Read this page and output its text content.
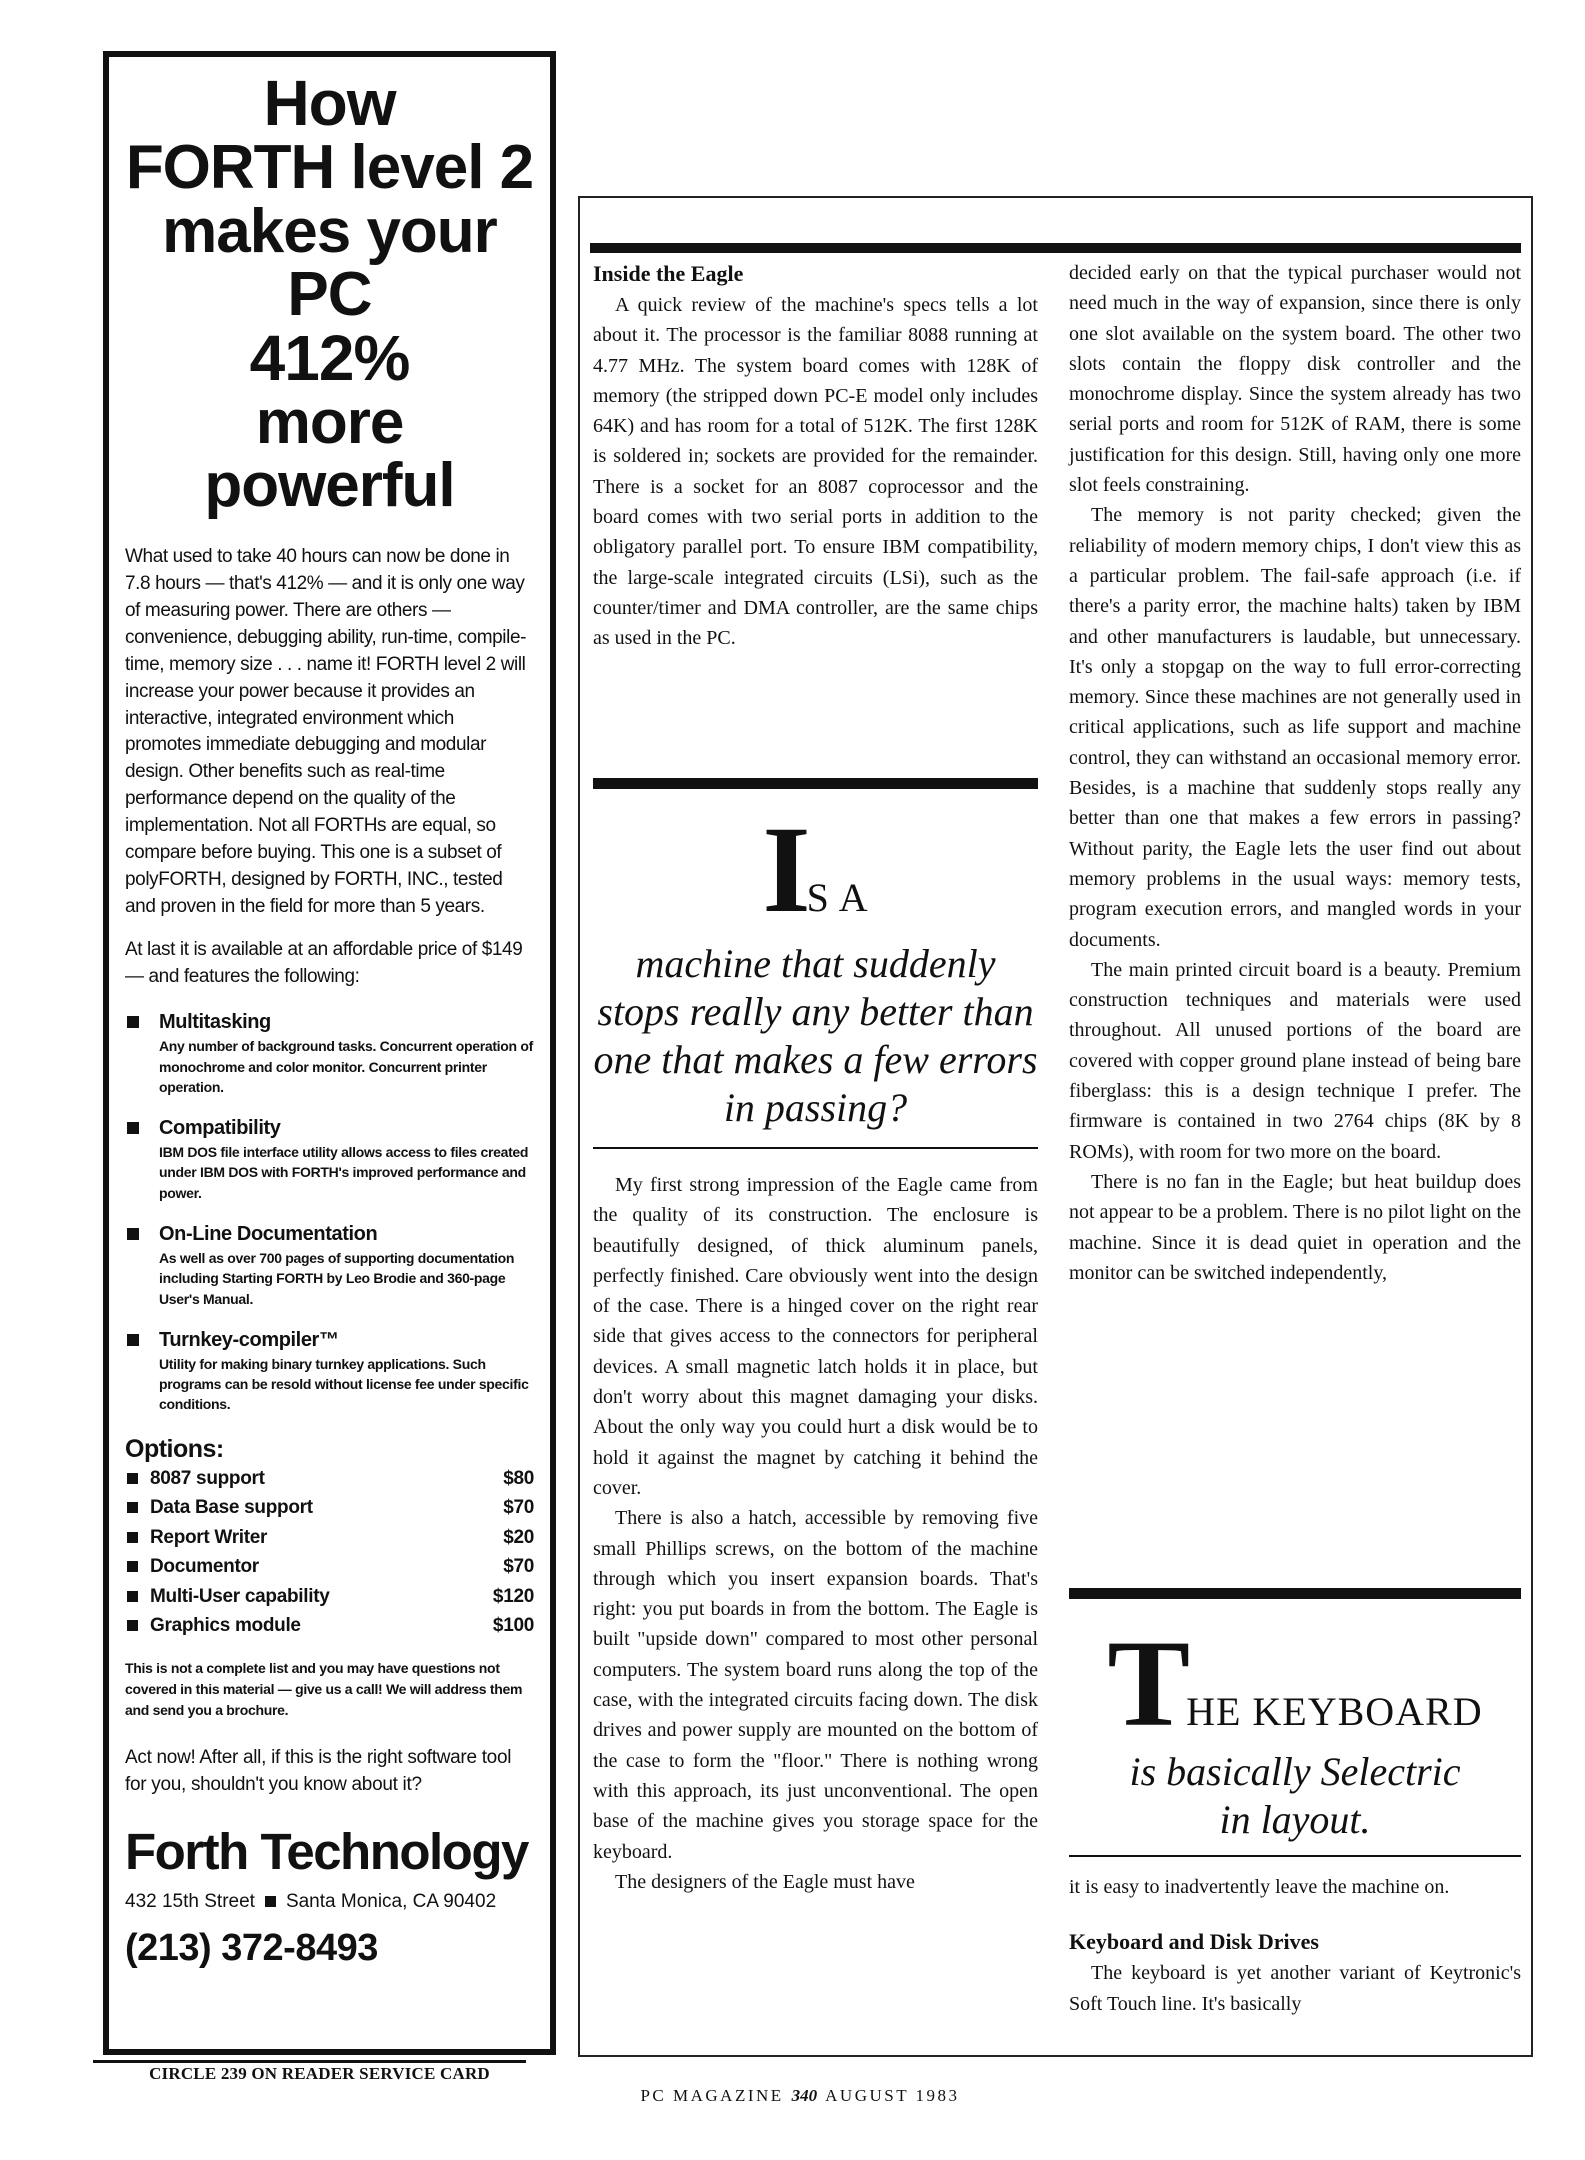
How
FORTH level 2
makes your PC
412%
more powerful

What used to take 40 hours can now be done in 7.8 hours — that's 412% — and it is only one way of measuring power. There are others — convenience, debugging ability, run-time, compile-time, memory size . . . name it! FORTH level 2 will increase your power because it provides an interactive, integrated environment which promotes immediate debugging and modular design. Other benefits such as real-time performance depend on the quality of the implementation. Not all FORTHs are equal, so compare before buying. This one is a subset of polyFORTH, designed by FORTH, INC., tested and proven in the field for more than 5 years.

At last it is available at an affordable price of $149 — and features the following:

Multitasking
Any number of background tasks. Concurrent operation of monochrome and color monitor. Concurrent printer operation.
Compatibility
IBM DOS file interface utility allows access to files created under IBM DOS with FORTH's improved performance and power.
On-Line Documentation
As well as over 700 pages of supporting documentation including Starting FORTH by Leo Brodie and 360-page User's Manual.
Turnkey-compiler™
Utility for making binary turnkey applications. Such programs can be resold without license fee under specific conditions.
Options:
8087 support	$80
Data Base support	$70
Report Writer	$20
Documentor	$70
Multi-User capability	$120
Graphics module	$100
This is not a complete list and you may have questions not covered in this material — give us a call! We will address them and send you a brochure.
Act now! After all, if this is the right software tool for you, shouldn't you know about it?
Forth Technology
432 15th Street Santa Monica, CA 90402
(213) 372-8493
CIRCLE 239 ON READER SERVICE CARD
Inside the Eagle

A quick review of the machine's specs tells a lot about it. The processor is the familiar 8088 running at 4.77 MHz. The system board comes with 128K of memory (the stripped down PC-E model only includes 64K) and has room for a total of 512K. The first 128K is soldered in; sockets are provided for the remainder. There is a socket for an 8087 coprocessor and the board comes with two serial ports in addition to the obligatory parallel port. To ensure IBM compatibility, the large-scale integrated circuits (LSi), such as the counter/timer and DMA controller, are the same chips as used in the PC.

IS A
machine that suddenly stops really any better than one that makes a few errors in passing?

My first strong impression of the Eagle came from the quality of its construction. The enclosure is beautifully designed, of thick aluminum panels, perfectly finished. Care obviously went into the design of the case. There is a hinged cover on the right rear side that gives access to the connectors for peripheral devices. A small magnetic latch holds it in place, but don't worry about this magnet damaging your disks. About the only way you could hurt a disk would be to hold it against the magnet by catching it behind the cover.

There is also a hatch, accessible by removing five small Phillips screws, on the bottom of the machine through which you insert expansion boards. That's right: you put boards in from the bottom. The Eagle is built "upside down" compared to most other personal computers. The system board runs along the top of the case, with the integrated circuits facing down. The disk drives and power supply are mounted on the bottom of the case to form the "floor." There is nothing wrong with this approach, its just unconventional. The open base of the machine gives you storage space for the keyboard.

The designers of the Eagle must have

decided early on that the typical purchaser would not need much in the way of expansion, since there is only one slot available on the system board. The other two slots contain the floppy disk controller and the monochrome display. Since the system already has two serial ports and room for 512K of RAM, there is some justification for this design. Still, having only one more slot feels constraining.

The memory is not parity checked; given the reliability of modern memory chips, I don't view this as a particular problem. The fail-safe approach (i.e. if there's a parity error, the machine halts) taken by IBM and other manufacturers is laudable, but unnecessary. It's only a stopgap on the way to full error-correcting memory. Since these machines are not generally used in critical applications, such as life support and machine control, they can withstand an occasional memory error. Besides, is a machine that suddenly stops really any better than one that makes a few errors in passing? Without parity, the Eagle lets the user find out about memory problems in the usual ways: memory tests, program execution errors, and mangled words in your documents.

The main printed circuit board is a beauty. Premium construction techniques and materials were used throughout. All unused portions of the board are covered with copper ground plane instead of being bare fiberglass: this is a design technique I prefer. The firmware is contained in two 2764 chips (8K by 8 ROMs), with room for two more on the board.

There is no fan in the Eagle; but heat buildup does not appear to be a problem. There is no pilot light on the machine. Since it is dead quiet in operation and the monitor can be switched independently,

THE KEYBOARD
is basically Selectric in layout.

it is easy to inadvertently leave the machine on.

Keyboard and Disk Drives

The keyboard is yet another variant of Keytronic's Soft Touch line. It's basically

PC MAGAZINE 340 AUGUST 1983
